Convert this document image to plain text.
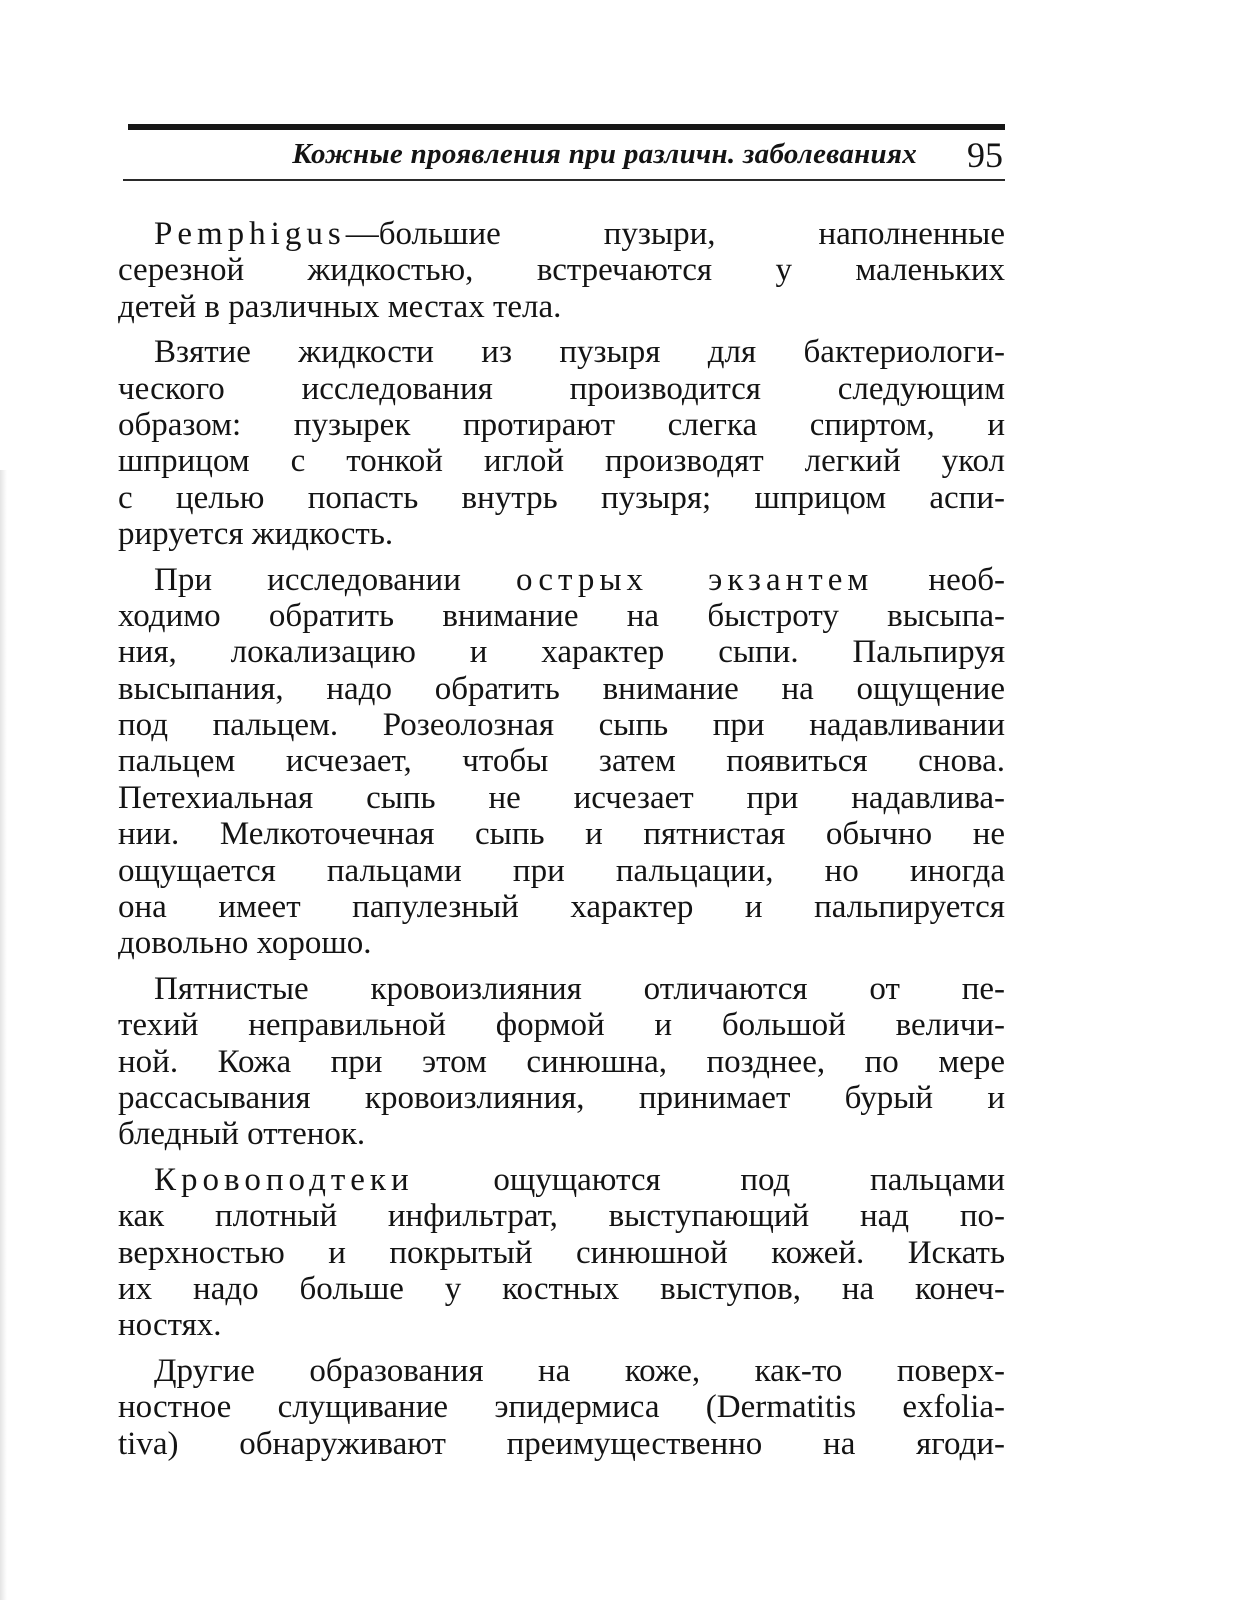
Кожные проявления при различн. заболеваниях 95
Pemphigus—большие пузыри, наполненные
серезной жидкостью, встречаются у маленьких
детей в различных местах тела.
Взятие жидкости из пузыря для бактериологи-
ческого исследования производится следующим
образом: пузырек протирают слегка спиртом, и
шприцом с тонкой иглой производят легкий укол
с целью попасть внутрь пузыря; шприцом аспи-
рируется жидкость.
При исследовании острых экзантем необ-
ходимо обратить внимание на быстроту высыпа-
ния, локализацию и характер сыпи. Пальпируя
высыпания, надо обратить внимание на ощущение
под пальцем. Розеолозная сыпь при надавливании
пальцем исчезает, чтобы затем появиться снова.
Петехиальная сыпь не исчезает при надавлива-
нии. Мелкоточечная сыпь и пятнистая обычно не
ощущается пальцами при пальцации, но иногда
она имеет папулезный характер и пальпируется
довольно хорошо.
Пятнистые кровоизлияния отличаются от пе-
техий неправильной формой и большой величи-
ной. Кожа при этом синюшна, позднее, по мере
рассасывания кровоизлияния, принимает бурый и
бледный оттенок.
Кровоподтеки ощущаются под пальцами
как плотный инфильтрат, выступающий над по-
верхностью и покрытый синюшной кожей. Искать
их надо больше у костных выступов, на конеч-
ностях.
Другие образования на коже, как-то поверх-
ностное слущивание эпидермиса (Dermatitis exfolia-
tiva) обнаруживают преимущественно на ягоди-
